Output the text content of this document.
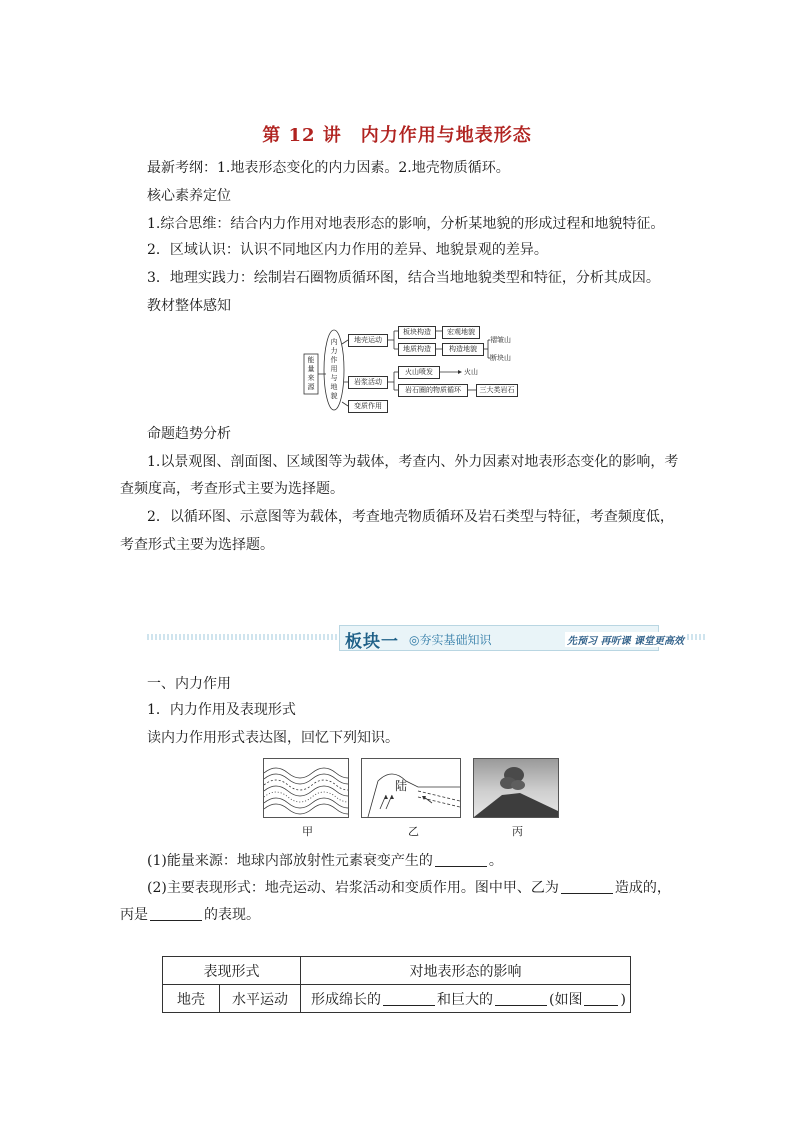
第 12 讲　内力作用与地表形态
最新考纲：1.地表形态变化的内力因素。2.地壳物质循环。
核心素养定位
1.综合思维：结合内力作用对地表形态的影响，分析某地貌的形成过程和地貌特征。
2．区域认识：认识不同地区内力作用的差异、地貌景观的差异。
3．地理实践力：绘制岩石圈物质循环图，结合当地地貌类型和特征，分析其成因。
教材整体感知
能量来源
内力作用与地貌
地壳运动
岩浆活动
变质作用
板块构造	宏观地貌
地质构造	构造地貌
褶皱山
断块山
火山喷发	火山
岩石圈的物质循环	三大类岩石
命题趋势分析
1.以景观图、剖面图、区域图等为载体，考查内、外力因素对地表形态变化的影响，考
查频度高，考查形式主要为选择题。
2．以循环图、示意图等为载体，考查地壳物质循环及岩石类型与特征，考查频度低，
考查形式主要为选择题。
板块一 ◎夯实基础知识	先预习 再听课 课堂更高效
一、内力作用
1．内力作用及表现形式
读内力作用形式表达图，回忆下列知识。
甲
陆
乙	丙
(1)能量来源：地球内部放射性元素衰变产生的	。
(2)主要表现形式：地壳运动、岩浆活动和变质作用。图中甲、乙为	造成的，
丙是	的表现。
表现形式		对地表形态的影响
地壳	水平运动	形成绵长的 和巨大的 (如图 )
